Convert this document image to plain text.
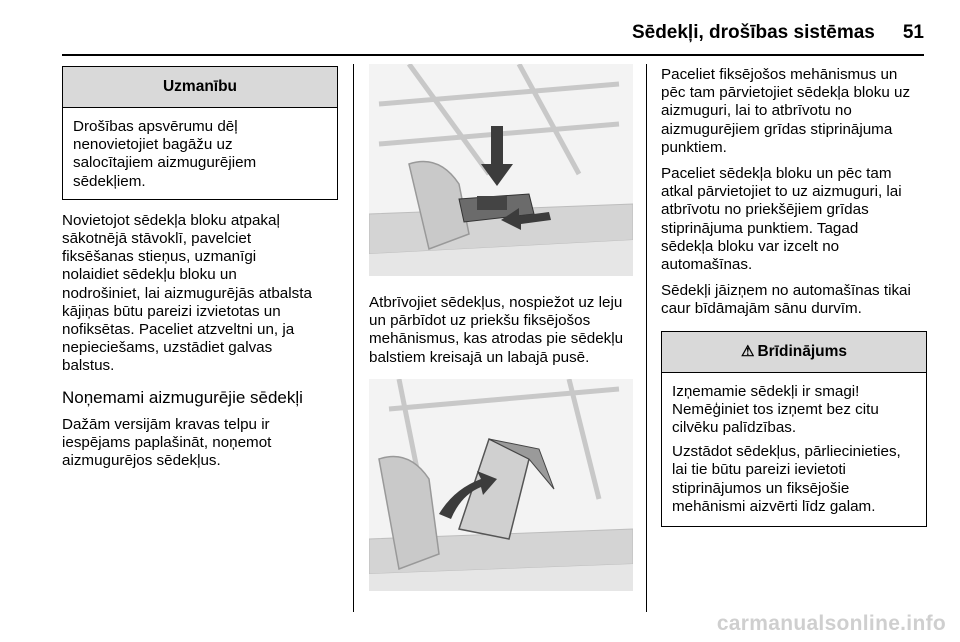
Sēdekļi, drošības sistēmas 51
Uzmanību
Drošības apsvērumu dēļ
nenovietojiet bagāžu uz
salocītajiem aizmugurējiem
sēdekļiem.

Novietojot sēdekļa bloku atpakaļ
sākotnējā stāvoklī, pavelciet
fiksēšanas stieņus, uzmanīgi
nolaidiet sēdekļu bloku un
nodrošiniet, lai aizmugurējās atbalsta
kājiņas būtu pareizi izvietotas un
nofiksētas. Paceliet atzveltni un, ja
nepieciešams, uzstādiet galvas
balstus.

Noņemami aizmugurējie sēdekļi

Dažām versijām kravas telpu ir
iespējams paplašināt, noņemot
aizmugurējos sēdekļus.

Atbrīvojiet sēdekļus, nospiežot uz leju
un pārbīdot uz priekšu fiksējošos
mehānismus, kas atrodas pie sēdekļu
balstiem kreisajā un labajā pusē.

Paceliet fiksējošos mehānismus un
pēc tam pārvietojiet sēdekļa bloku uz
aizmuguri, lai to atbrīvotu no
aizmugurējiem grīdas stiprinājuma
punktiem.

Paceliet sēdekļa bloku un pēc tam
atkal pārvietojiet to uz aizmuguri, lai
atbrīvotu no priekšējiem grīdas
stiprinājuma punktiem. Tagad
sēdekļa bloku var izcelt no
automašīnas.

Sēdekļi jāizņem no automašīnas tikai
caur bīdāmajām sānu durvīm.

⚠ Brīdinājums

Izņemamie sēdekļi ir smagi!
Nemēģiniet tos izņemt bez citu
cilvēku palīdzības.

Uzstādot sēdekļus, pārliecinieties,
lai tie būtu pareizi ievietoti
stiprinājumos un fiksējošie
mehānismi aizvērti līdz galam.

carmanualsonline.info
